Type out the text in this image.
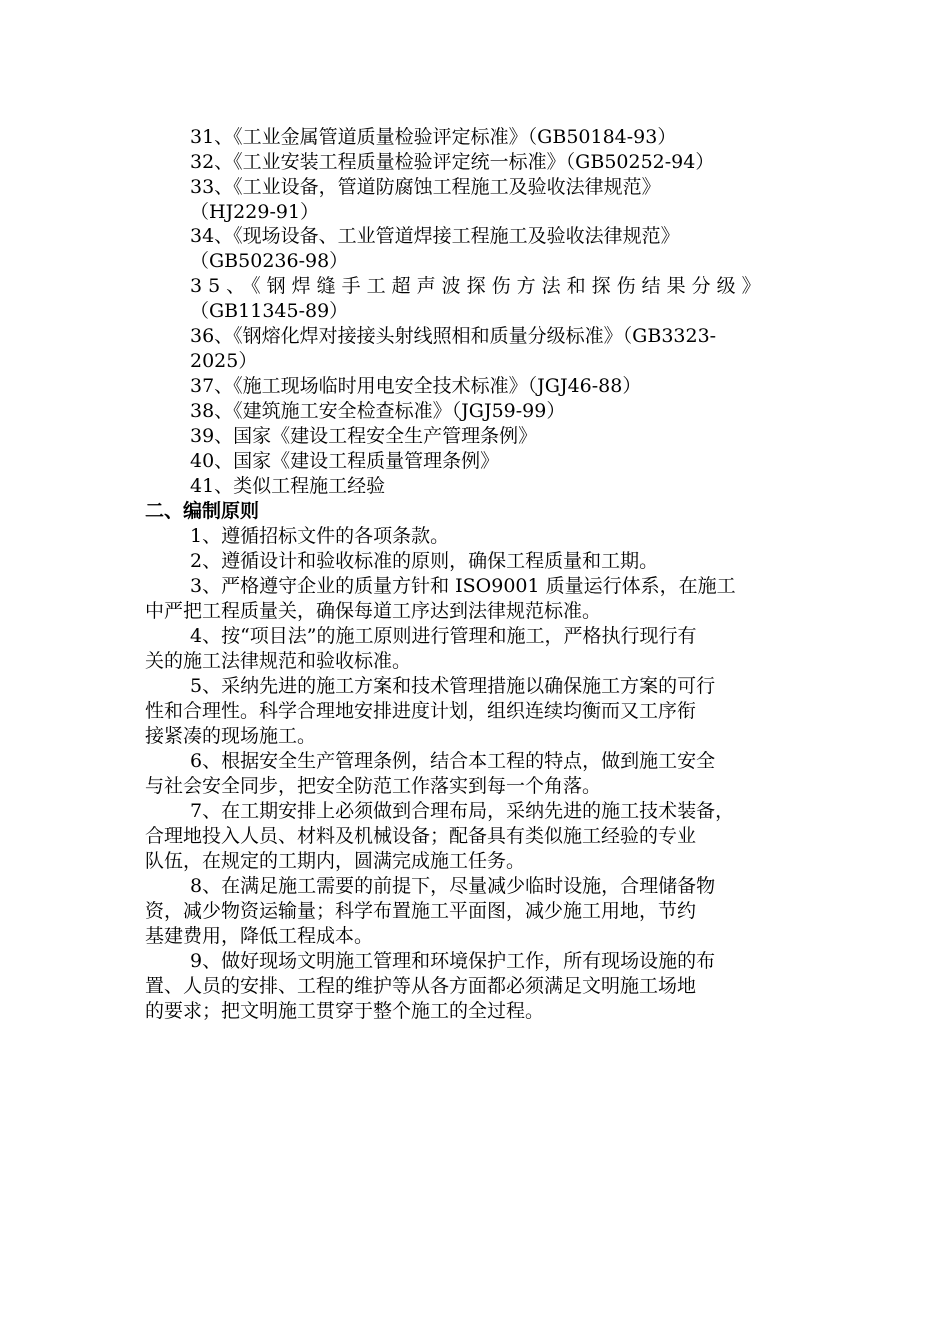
31、《工业金属管道质量检验评定标准》（GB50184-93）
32、《工业安装工程质量检验评定统一标准》（GB50252-94）
33、《工业设备，管道防腐蚀工程施工及验收法律规范》
（HJ229-91）
34、《现场设备、工业管道焊接工程施工及验收法律规范》
（GB50236-98）
35、《钢焊缝手工超声波探伤方法和探伤结果分级》
（GB11345-89）
36、《钢熔化焊对接接头射线照相和质量分级标准》（GB3323-
2025）
37、《施工现场临时用电安全技术标准》（JGJ46-88）
38、《建筑施工安全检查标准》（JGJ59-99）
39、国家《建设工程安全生产管理条例》
40、国家《建设工程质量管理条例》
41、类似工程施工经验
二、编制原则
1、遵循招标文件的各项条款。
2、遵循设计和验收标准的原则，确保工程质量和工期。
3、严格遵守企业的质量方针和 ISO9001 质量运行体系，在施工
中严把工程质量关，确保每道工序达到法律规范标准。
4、按“项目法”的施工原则进行管理和施工，严格执行现行有
关的施工法律规范和验收标准。
5、采纳先进的施工方案和技术管理措施以确保施工方案的可行
性和合理性。科学合理地安排进度计划，组织连续均衡而又工序衔
接紧凑的现场施工。
6、根据安全生产管理条例，结合本工程的特点，做到施工安全
与社会安全同步，把安全防范工作落实到每一个角落。
7、在工期安排上必须做到合理布局，采纳先进的施工技术装备，
合理地投入人员、材料及机械设备；配备具有类似施工经验的专业
队伍，在规定的工期内，圆满完成施工任务。
8、在满足施工需要的前提下，尽量减少临时设施，合理储备物
资，减少物资运输量；科学布置施工平面图，减少施工用地，节约
基建费用，降低工程成本。
9、做好现场文明施工管理和环境保护工作，所有现场设施的布
置、人员的安排、工程的维护等从各方面都必须满足文明施工场地
的要求；把文明施工贯穿于整个施工的全过程。
